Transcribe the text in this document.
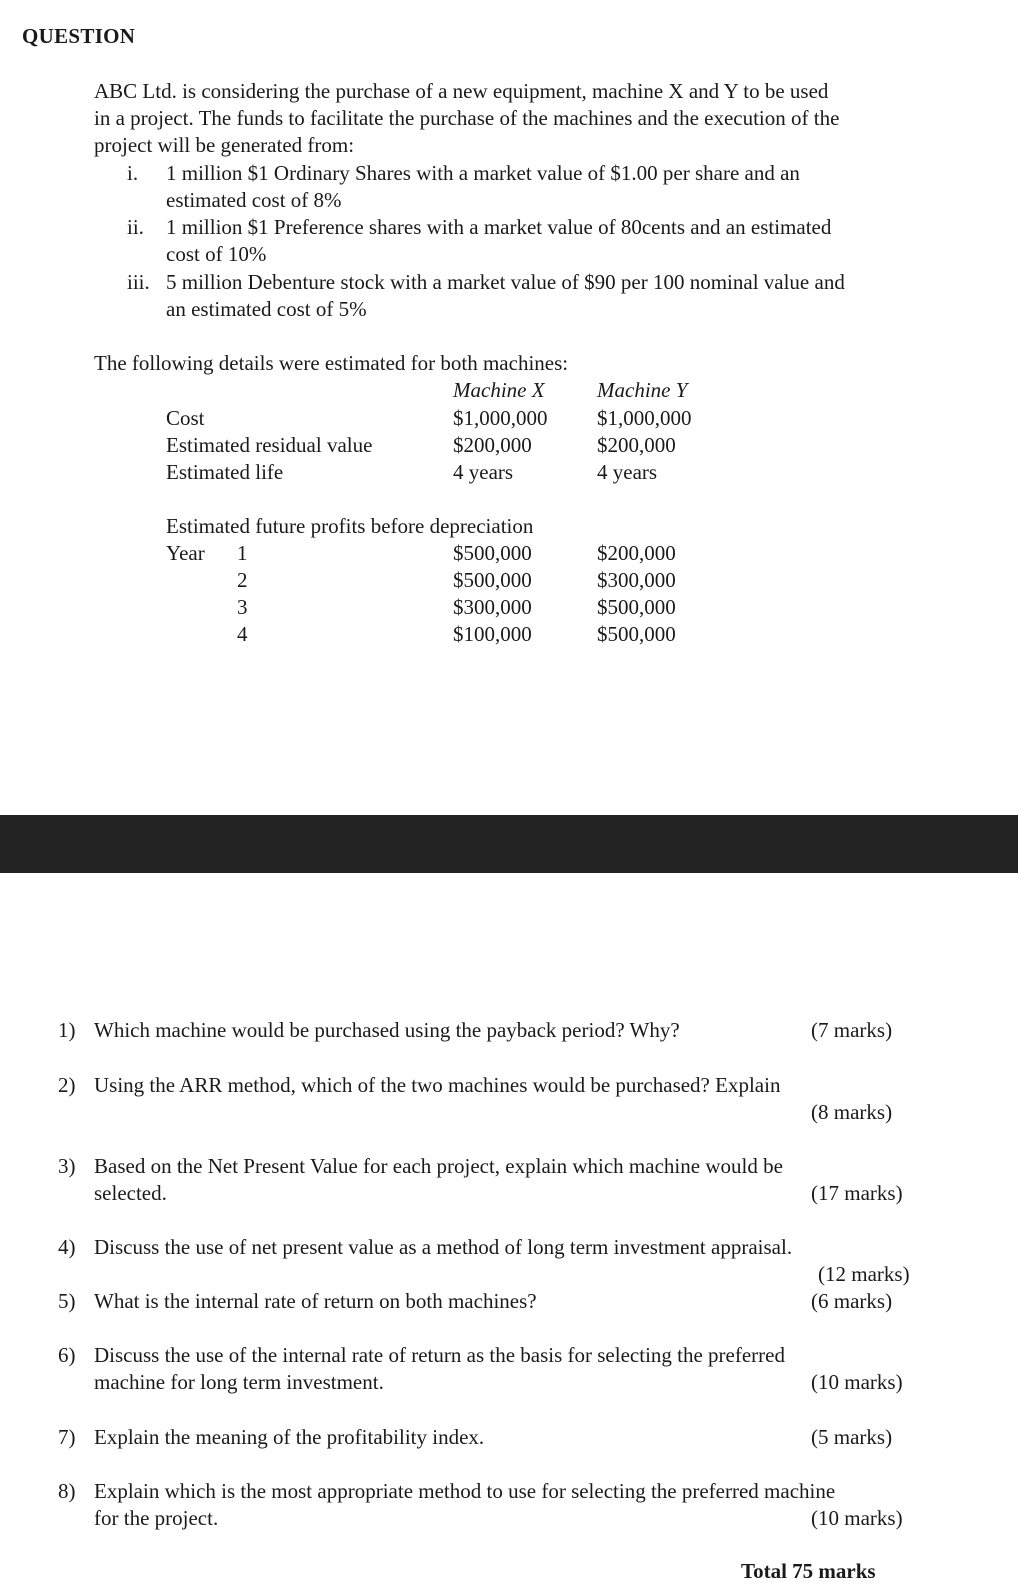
QUESTION
ABC Ltd. is considering the purchase of a new equipment, machine X and Y to be used
in a project. The funds to facilitate the purchase of the machines and the execution of the
project will be generated from:
i. 1 million $1 Ordinary Shares with a market value of $1.00 per share and an
estimated cost of 8%
ii. 1 million $1 Preference shares with a market value of 80cents and an estimated
cost of 10%
iii. 5 million Debenture stock with a market value of $90 per 100 nominal value and
an estimated cost of 5%
The following details were estimated for both machines:
Machine X Machine Y
Cost	$1,000,000 $1,000,000
Estimated residual value	$200,000	$200,000
Estimated life	4 years	4 years
Estimated future profits before depreciation
Year 1	$500,000	$200,000
2	$500,000	$300,000
3	$300,000	$500,000
4	$100,000	$500,000
1) Which machine would be purchased using the payback period? Why?	(7 marks)
2) Using the ARR method, which of the two machines would be purchased? Explain
(8 marks)
3) Based on the Net Present Value for each project, explain which machine would be
selected.	(17 marks)
4) Discuss the use of net present value as a method of long term investment appraisal.
(12 marks)
5) What is the internal rate of return on both machines?	(6 marks)
6) Discuss the use of the internal rate of return as the basis for selecting the preferred
machine for long term investment.	(10 marks)
7) Explain the meaning of the profitability index.	(5 marks)
8) Explain which is the most appropriate method to use for selecting the preferred machine
for the project.	(10 marks)
Total 75 marks
